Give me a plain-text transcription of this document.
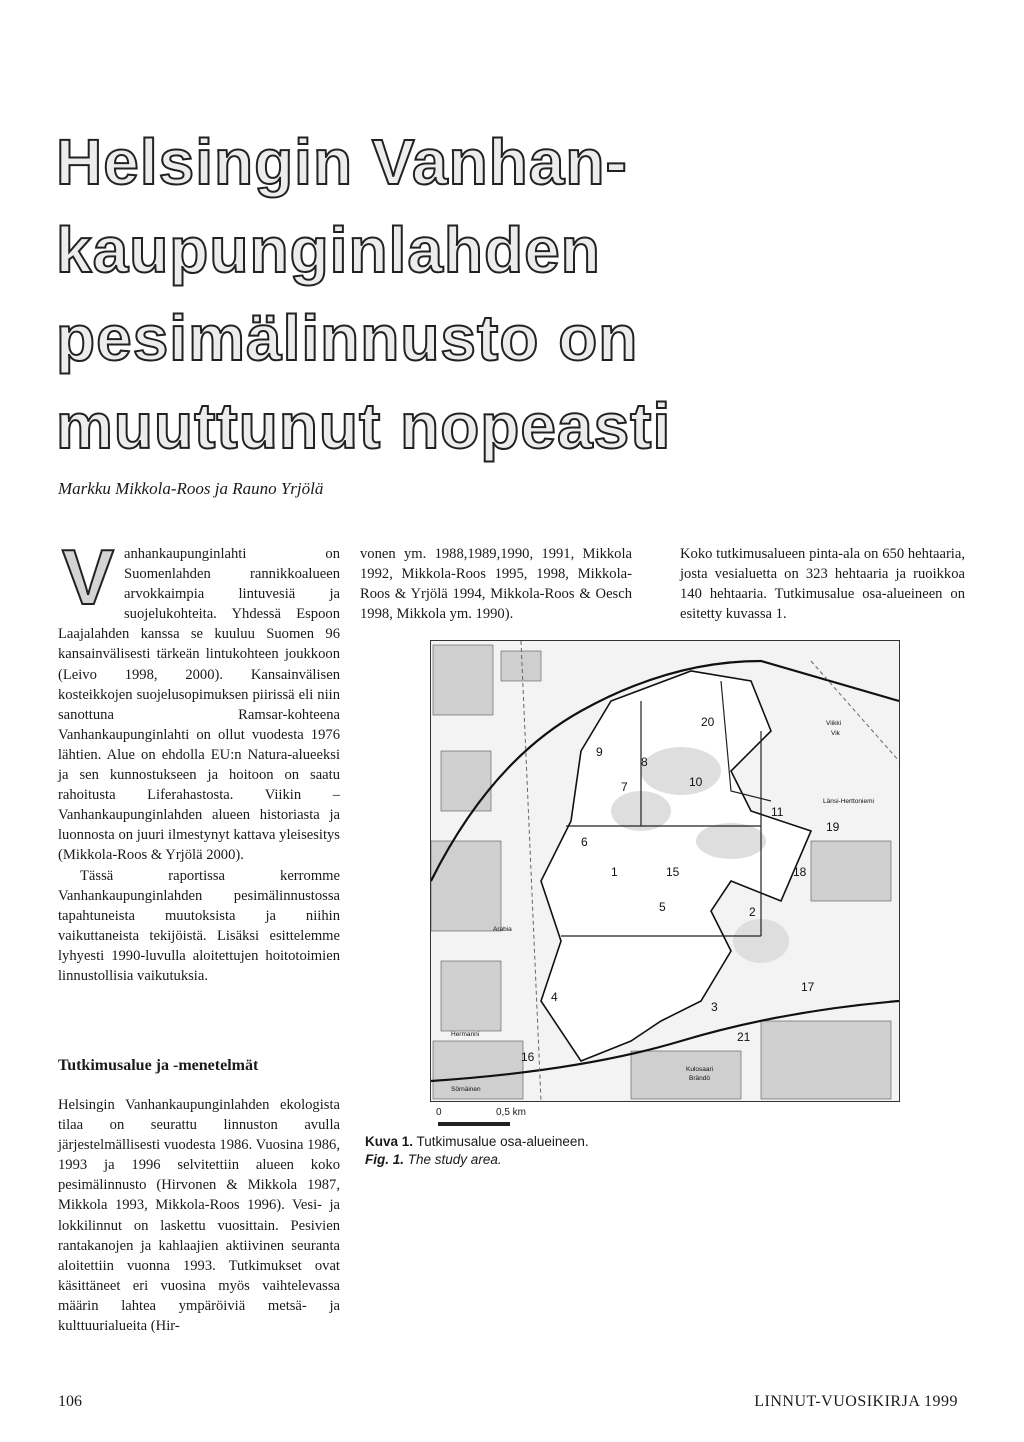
Helsingin Vanhan-
kaupunginlahden
pesimälinnusto on
muuttunut nopeasti
Markku Mikkola-Roos ja Rauno Yrjölä

Vanhankaupunginlahti on Suomenlahden rannikkoalueen arvokkaimpia lintuvesiä ja suojelukohteita. Yhdessä Espoon Laajalahden kanssa se kuuluu Suomen 96 kansainvälisesti tärkeän lintukohteen joukkoon (Leivo 1998, 2000). Kansainvälisen kosteikkojen suojelusopimuksen piirissä eli niin sanottuna Ramsar-kohteena Vanhankaupunginlahti on ollut vuodesta 1976 lähtien. Alue on ehdolla EU:n Natura-alueeksi ja sen kunnostukseen ja hoitoon on saatu rahoitusta Liferahastosta. Viikin – Vanhankaupunginlahden alueen historiasta ja luonnosta on juuri ilmestynyt kattava yleisesitys (Mikkola-Roos & Yrjölä 2000).

Tässä raportissa kerromme Vanhankaupunginlahden pesimälinnustossa tapahtuneista muutoksista ja niihin vaikuttaneista tekijöistä. Lisäksi esittelemme lyhyesti 1990-luvulla aloitettujen hoitotoimien linnustollisia vaikutuksia.

Tutkimusalue ja -menetelmät

Helsingin Vanhankaupunginlahden ekologista tilaa on seurattu linnuston avulla järjestelmällisesti vuodesta 1986. Vuosina 1986, 1993 ja 1996 selvitettiin alueen koko pesimälinnusto (Hirvonen & Mikkola 1987, Mikkola 1993, Mikkola-Roos 1996). Vesi- ja lokkilinnut on laskettu vuosittain. Pesivien rantakanojen ja kahlaajien aktiivinen seuranta aloitettiin vuonna 1993. Tutkimukset ovat käsittäneet eri vuosina myös vaihtelevassa määrin lahtea ympäröiviä metsä- ja kulttuurialueita (Hir-

vonen ym. 1988,1989,1990, 1991, Mikkola 1992, Mikkola-Roos 1995, 1998, Mikkola-Roos & Yrjölä 1994, Mikkola-Roos & Oesch 1998, Mikkola ym. 1990).

Koko tutkimusalueen pinta-ala on 650 hehtaaria, josta vesialuetta on 323 hehtaaria ja ruoikkoa 140 hehtaaria. Tutkimusalue osa-alueineen on esitetty kuvassa 1.

1
2
3
4
5
6
7
8
9
10
11
15
16
17
18
19
20
21
Viikki
Vik
Kulosaari
Brändö
Arabia
Hermanni
Sörnäinen
Länsi-Herttoniemi
0	0,5 km
Kuva 1. Tutkimusalue osa-alueineen.
Fig. 1. The study area.
106	LINNUT-VUOSIKIRJA 1999
